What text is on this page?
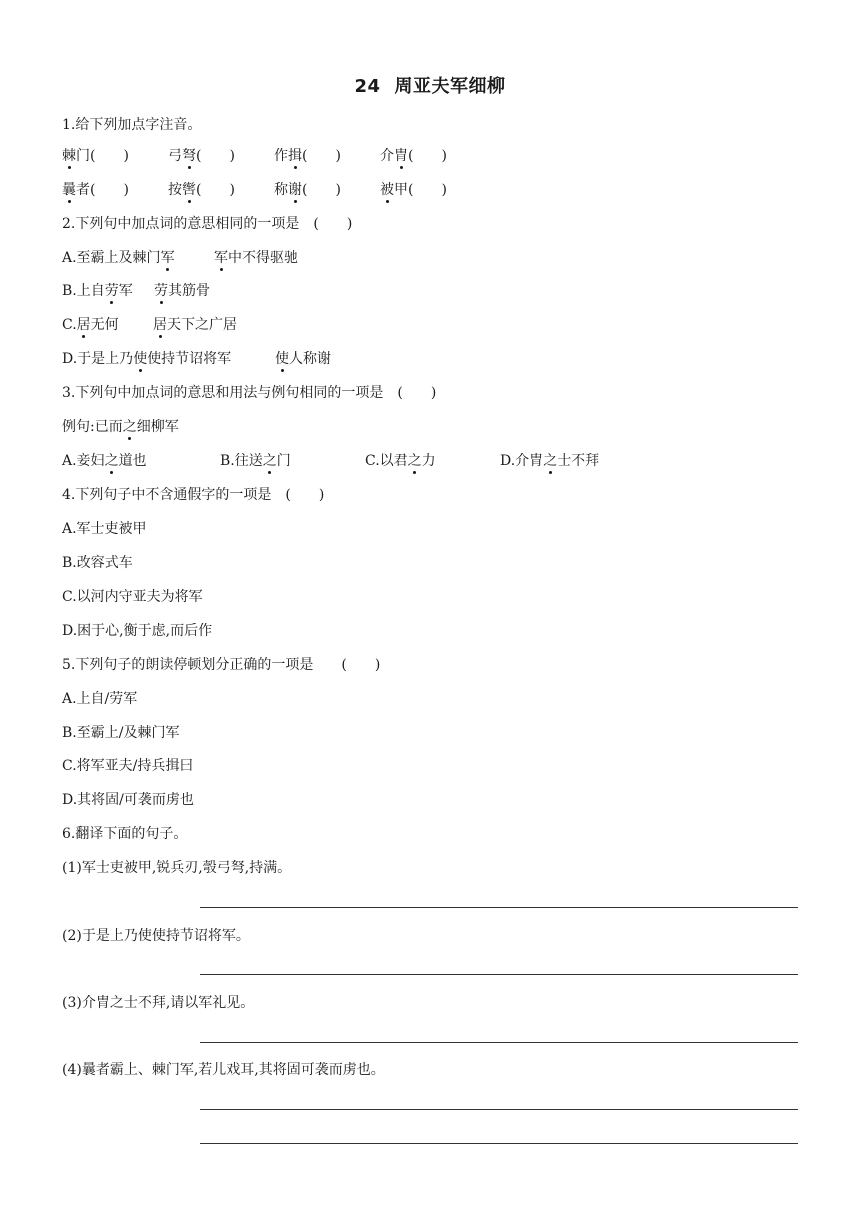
24 周亚夫军细柳
1.给下列加点字注音。
棘门(　　)	弓弩(　　)	作揖(　　)	介胄(　　)
曩者(　　)	按辔(　　)	称谢(　　)	被甲(　　)
2.下列句中加点词的意思相同的一项是　(　　)
A.至霸上及棘门军	军中不得驱驰
B.上自劳军 劳其筋骨
C.居无何 居天下之广居
D.于是上乃使使持节诏将军	使人称谢
3.下列句中加点词的意思和用法与例句相同的一项是　(　　)
例句:已而之细柳军
A.妾妇之道也	B.往送之门	C.以君之力	D.介胄之士不拜
4.下列句子中不含通假字的一项是　(　　)
A.军士吏被甲
B.改容式车
C.以河内守亚夫为将军
D.困于心,衡于虑,而后作
5.下列句子的朗读停顿划分正确的一项是　　(　　)
A.上自/劳军
B.至霸上/及棘门军
C.将军亚夫/持兵揖曰
D.其将固/可袭而虏也
6.翻译下面的句子。
(1)军士吏被甲,锐兵刃,彀弓弩,持满。
(2)于是上乃使使持节诏将军。
(3)介胄之士不拜,请以军礼见。
(4)曩者霸上、棘门军,若儿戏耳,其将固可袭而虏也。
